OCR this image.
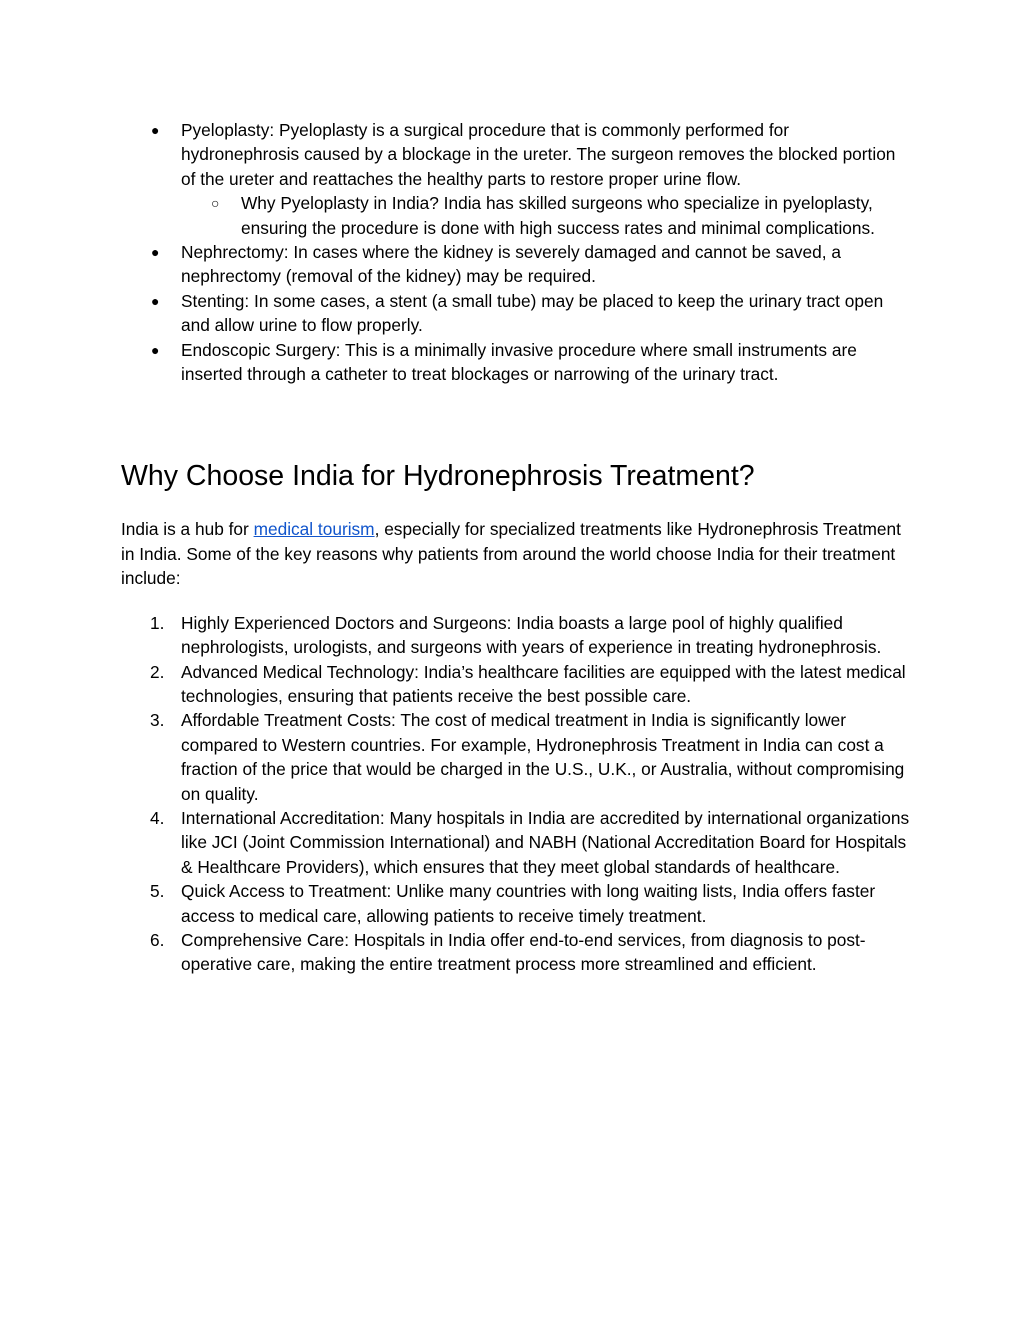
●	Pyeloplasty: Pyeloplasty is a surgical procedure that is commonly performed for hydronephrosis caused by a blockage in the ureter. The surgeon removes the blocked portion of the ureter and reattaches the healthy parts to restore proper urine flow.
○ Why Pyeloplasty in India? India has skilled surgeons who specialize in pyeloplasty, ensuring the procedure is done with high success rates and minimal complications.
●	Nephrectomy: In cases where the kidney is severely damaged and cannot be saved, a nephrectomy (removal of the kidney) may be required.
●	Stenting: In some cases, a stent (a small tube) may be placed to keep the urinary tract open and allow urine to flow properly.
●	Endoscopic Surgery: This is a minimally invasive procedure where small instruments are inserted through a catheter to treat blockages or narrowing of the urinary tract.
Why Choose India for Hydronephrosis Treatment?

India is a hub for medical tourism, especially for specialized treatments like Hydronephrosis Treatment in India. Some of the key reasons why patients from around the world choose India for their treatment include:

1. Highly Experienced Doctors and Surgeons: India boasts a large pool of highly qualified nephrologists, urologists, and surgeons with years of experience in treating hydronephrosis.
2. Advanced Medical Technology: India’s healthcare facilities are equipped with the latest medical technologies, ensuring that patients receive the best possible care.
3. Affordable Treatment Costs: The cost of medical treatment in India is significantly lower compared to Western countries. For example, Hydronephrosis Treatment in India can cost a fraction of the price that would be charged in the U.S., U.K., or Australia, without compromising on quality.
4. International Accreditation: Many hospitals in India are accredited by international organizations like JCI (Joint Commission International) and NABH (National Accreditation Board for Hospitals & Healthcare Providers), which ensures that they meet global standards of healthcare.
5. Quick Access to Treatment: Unlike many countries with long waiting lists, India offers faster access to medical care, allowing patients to receive timely treatment.
6. Comprehensive Care: Hospitals in India offer end-to-end services, from diagnosis to post-operative care, making the entire treatment process more streamlined and efficient.
